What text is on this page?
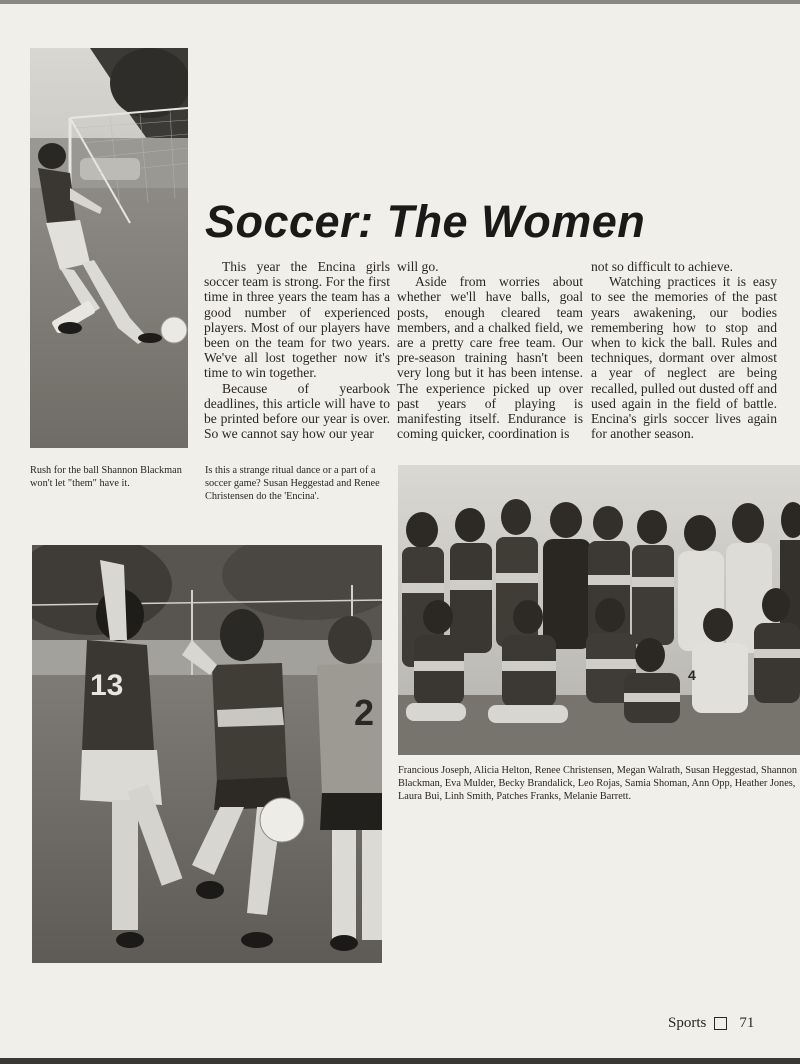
Soccer: The Women

This year the Encina girls soccer team is strong. For the first time in three years the team has a good number of experienced players. Most of our players have been on the team for two years. We've all lost together now it's time to win together.

Because of yearbook deadlines, this article will have to be printed before our year is over. So we cannot say how our year

will go.

Aside from worries about whether we'll have balls, goal posts, enough cleared team members, and a chalked field, we are a pretty care free team. Our pre-season training hasn't been very long but it has been intense. The experience picked up over past years of playing is manifesting itself. Endurance is coming quicker, coordination is

not so difficult to achieve.

Watching practices it is easy to see the memories of the past years awakening, our bodies remembering how to stop and when to kick the ball. Rules and techniques, dormant over almost a year of neglect are being recalled, pulled out dusted off and used again in the field of battle. Encina's girls soccer lives again for another season.

Rush for the ball Shannon Blackman won't let "them" have it.
Is this a strange ritual dance or a part of a soccer game? Susan Heggestad and Renee Christensen do the 'Encina'.
13
2
4
Francious Joseph, Alicia Helton, Renee Christensen, Megan Walrath, Susan Heggestad, Shannon Blackman, Eva Mulder, Becky Brandalick, Leo Rojas, Samia Shoman, Ann Opp, Heather Jones, Laura Bui, Linh Smith, Patches Franks, Melanie Barrett.
Sports 71
